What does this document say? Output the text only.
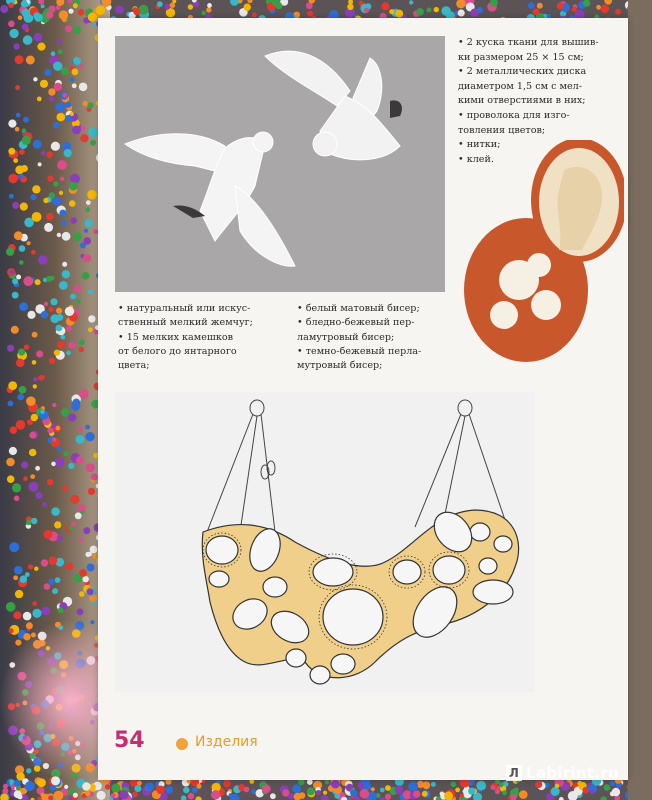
• 2 куска ткани для вышив-
ки размером 25 × 15 см;
• 2 металлических диска
диаметром 1,5 см с мел-
кими отверстиями в них;
• проволока для изго-
товления цветов;
• нитки;
• клей.
• натуральный или искус-
ственный мелкий жемчуг;
• 15 мелких камешков
от белого до янтарного
цвета;
• белый матовый бисер;
• бледно-бежевый пер-
ламутровый бисер;
• темно-бежевый перла-
мутровый бисер;
54	Изделия
Л Labirint.ru
